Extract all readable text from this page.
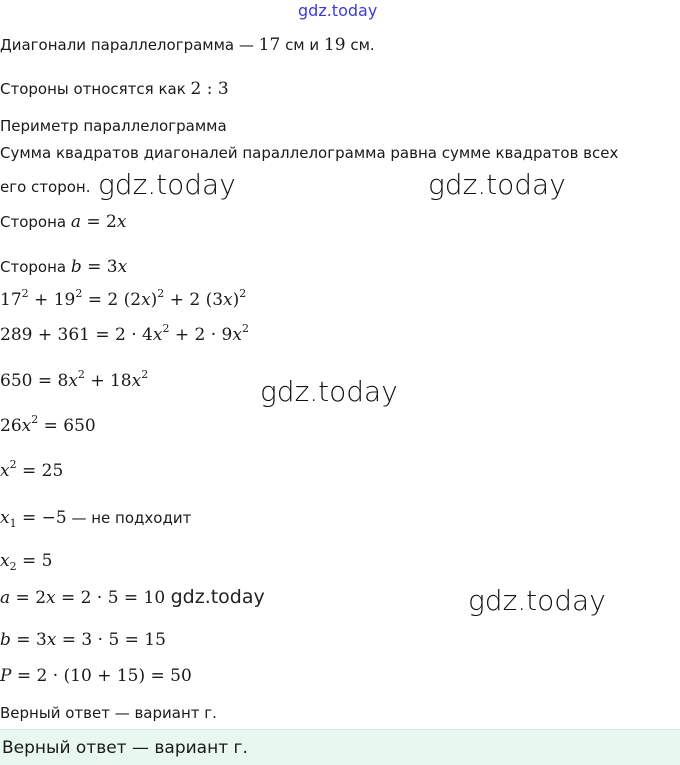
gdz.today
Диагонали параллелограмма — 17 см и 19 см.
Стороны относятся как 2 : 3
Периметр параллелограмма
Сумма квадратов диагоналей параллелограмма равна сумме квадратов всех
его сторон. gdz.today	gdz.today
Сторона a = 2x
Сторона b = 3x
$17^2 + 19^2 = 2$ $(2x)^2 + 2$ $(3x)^2$
$289 + 361 = 2 \cdot 4x^2 + 2 \cdot 9x^2$
$650 = 8x^2 + 18x^2$
gdz.today
$26x^2 = 650$
$x^2 = 25$
$x_1 = -5$ — не подходит
$x_2 = 5$
a = 2x = 2 · 5 = 10 gdz.today	gdz.today
b = 3x = 3 · 5 = 15
P = 2 · (10 + 15) = 50
Верный ответ — вариант г.
Верный ответ — вариант г.
